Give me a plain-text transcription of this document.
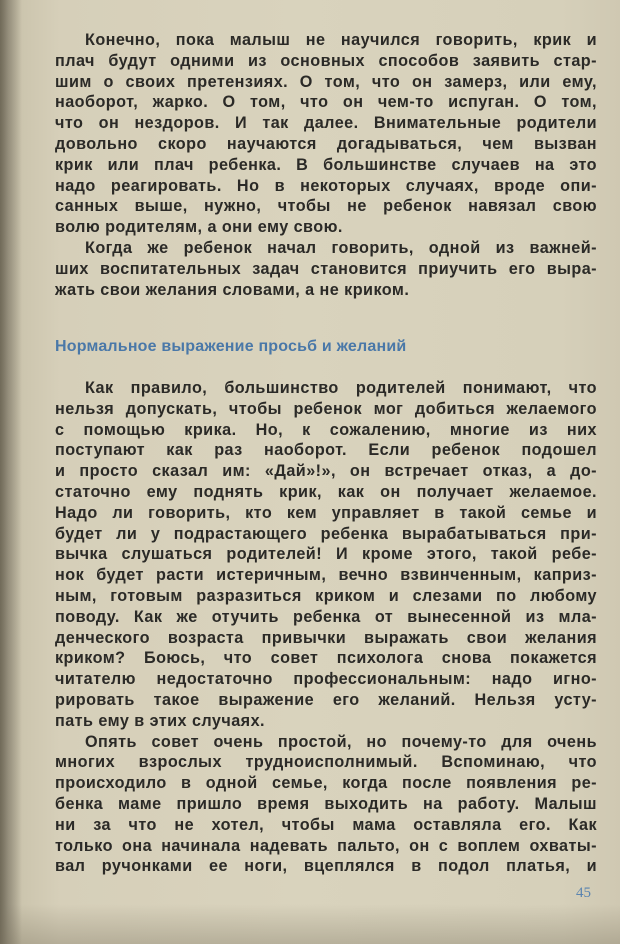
Конечно, пока малыш не научился говорить, крик и
плач будут одними из основных способов заявить стар-
шим о своих претензиях. О том, что он замерз, или ему,
наоборот, жарко. О том, что он чем-то испуган. О том,
что он нездоров. И так далее. Внимательные родители
довольно скоро научаются догадываться, чем вызван
крик или плач ребенка. В большинстве случаев на это
надо реагировать. Но в некоторых случаях, вроде опи-
санных выше, нужно, чтобы не ребенок навязал свою
волю родителям, а они ему свою.
Когда же ребенок начал говорить, одной из важней-
ших воспитательных задач становится приучить его выра-
жать свои желания словами, а не криком.
Нормальное выражение просьб и желаний
Как правило, большинство родителей понимают, что
нельзя допускать, чтобы ребенок мог добиться желаемого
с помощью крика. Но, к сожалению, многие из них
поступают как раз наоборот. Если ребенок подошел
и просто сказал им: «Дай»!», он встречает отказ, а до-
статочно ему поднять крик, как он получает желаемое.
Надо ли говорить, кто кем управляет в такой семье и
будет ли у подрастающего ребенка вырабатываться при-
вычка слушаться родителей! И кроме этого, такой ребе-
нок будет расти истеричным, вечно взвинченным, каприз-
ным, готовым разразиться криком и слезами по любому
поводу. Как же отучить ребенка от вынесенной из мла-
денческого возраста привычки выражать свои желания
криком? Боюсь, что совет психолога снова покажется
читателю недостаточно профессиональным: надо игно-
рировать такое выражение его желаний. Нельзя усту-
пать ему в этих случаях.
Опять совет очень простой, но почему-то для очень
многих взрослых трудноисполнимый. Вспоминаю, что
происходило в одной семье, когда после появления ре-
бенка маме пришло время выходить на работу. Малыш
ни за что не хотел, чтобы мама оставляла его. Как
только она начинала надевать пальто, он с воплем охваты-
вал ручонками ее ноги, вцеплялся в подол платья, и
45
